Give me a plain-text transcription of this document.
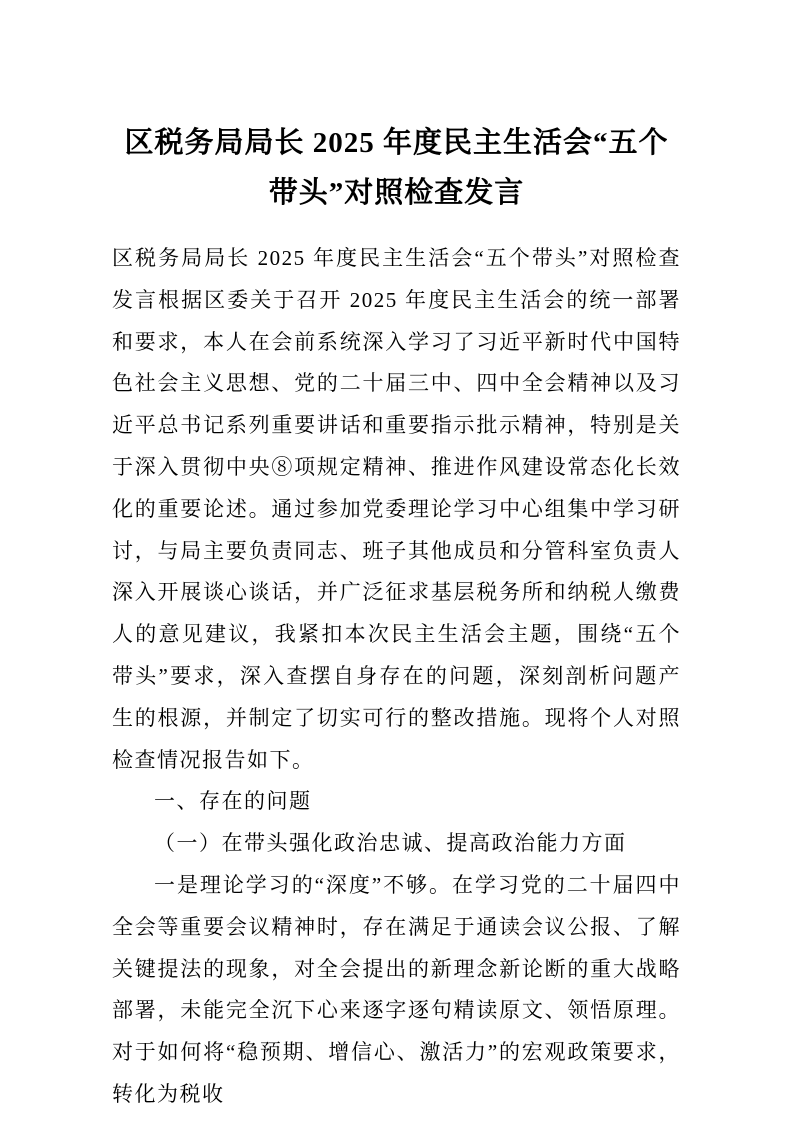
区税务局局长 2025 年度民主生活会“五个
带头”对照检查发言

区税务局局长 2025 年度民主生活会“五个带头”对照检查发言根据区委关于召开 2025 年度民主生活会的统一部署和要求，本人在会前系统深入学习了习近平新时代中国特色社会主义思想、党的二十届三中、四中全会精神以及习近平总书记系列重要讲话和重要指示批示精神，特别是关于深入贯彻中央⑧项规定精神、推进作风建设常态化长效化的重要论述。通过参加党委理论学习中心组集中学习研讨，与局主要负责同志、班子其他成员和分管科室负责人深入开展谈心谈话，并广泛征求基层税务所和纳税人缴费人的意见建议，我紧扣本次民主生活会主题，围绕“五个带头”要求，深入查摆自身存在的问题，深刻剖析问题产生的根源，并制定了切实可行的整改措施。现将个人对照检查情况报告如下。

一、存在的问题

（一）在带头强化政治忠诚、提高政治能力方面

一是理论学习的“深度”不够。在学习党的二十届四中全会等重要会议精神时，存在满足于通读会议公报、了解关键提法的现象，对全会提出的新理念新论断的重大战略部署，未能完全沉下心来逐字逐句精读原文、领悟原理。对于如何将“稳预期、增信心、激活力”的宏观政策要求，转化为税收
